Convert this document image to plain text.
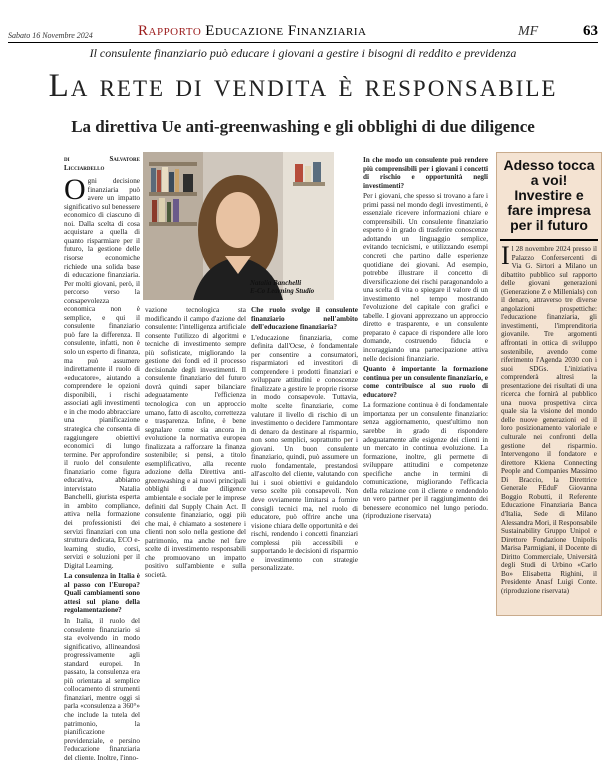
Sabato 16 Novembre 2024	Rapporto Educazione Finanziaria	MF	63
Il consulente finanziario può educare i giovani a gestire i bisogni di reddito e previdenza
La rete di vendita è responsabile
La direttiva Ue anti-greenwashing e gli obblighi di due diligence
di Salvatore Licciardello

Ogni decisione finanziaria può avere un impatto significativo sul benessere economico di ciascuno di noi. Dalla scelta di cosa acquistare a quella di quanto risparmiare per il futuro, la gestione delle risorse economiche richiede una solida base di educazione finanziaria. Per molti giovani, però, il percorso verso la consapevolezza economica non è semplice, e qui il consulente finanziario può fare la differenza. Il consulente, infatti, non è solo un esperto di finanza, ma può assumere indirettamente il ruolo di «educatore», aiutando a comprendere le opzioni disponibili, i rischi associati agli investimenti e in che modo abbracciare una pianificazione strategica che consenta di raggiungere obiettivi economici di lungo termine. Per approfondire il ruolo del consulente finanziario come figura educativa, abbiamo intervistato Natalia Banchelli, giurista esperta in ambito compliance, attiva nella formazione dei professionisti dei servizi finanziari con una struttura dedicata, ECO e-learning studio, corsi, servizi e soluzioni per il Digital Learning.

La consulenza in Italia è al passo con l'Europa? Quali cambiamenti sono attesi sul piano della regolamentazione?

In Italia, il ruolo del consulente finanziario si sta evolvendo in modo significativo, allineandosi progressivamente agli standard europei. In passato, la consulenza era più orientata al semplice collocamento di strumenti finanziari, mentre oggi si parla «consulenza a 360°» che include la tutela del patrimonio, la pianificazione previdenziale, e persino l'educazione finanziaria del cliente. Inoltre, l'inno-

Natalia Banchelli
E-Co Learning Studio

vazione tecnologica sta modificando il campo d'azione del consulente: l'intelligenza artificiale consente l'utilizzo di algoritmi e tecniche di investimento sempre più sofisticate, migliorando la gestione dei fondi ed il processo decisionale degli investimenti. Il consulente finanziario del futuro dovrà quindi saper bilanciare adeguatamente l'efficienza tecnologica con un approccio umano, fatto di ascolto, correttezza e trasparenza. Infine, è bene segnalare come sia ancora in evoluzione la normativa europea finalizzata a rafforzare la finanza sostenibile; si pensi, a titolo esemplificativo, alla recente adozione della Direttiva anti-greenwashing e ai nuovi principali obblighi di due diligence ambientale e sociale per le imprese definiti dal Supply Chain Act. Il consulente finanziario, oggi più che mai, è chiamato a sostenere i clienti non solo nella gestione del patrimonio, ma anche nel fare scelte di investimento responsabili che promuovano un impatto positivo sull'ambiente e sulla società.

Che ruolo svolge il consulente finanziario nell'ambito dell'educazione finanziaria?

L'educazione finanziaria, come definita dall'Ocse, è fondamentale per consentire a consumatori, risparmiatori ed investitori di comprendere i prodotti finanziari e sviluppare attitudini e conoscenze finalizzate a gestire le proprie risorse in modo consapevole. Tuttavia, molte scelte finanziarie, come valutare il livello di rischio di un investimento o decidere l'ammontare di denaro da destinare al risparmio, non sono semplici, soprattutto per i giovani. Un buon consulente finanziario, quindi, può assumere un ruolo fondamentale, prestandosi all'ascolto del cliente, valutando con lui i suoi obiettivi e guidandolo verso scelte più consapevoli. Non deve ovviamente limitarsi a fornire consigli tecnici ma, nel ruolo di educatore, può offrire anche una visione chiara delle opportunità e dei rischi, rendendo i concetti finanziari complessi più accessibili e supportando le decisioni di risparmio e investimento con strategie personalizzate.

In che modo un consulente può rendere più comprensibili per i giovani i concetti di rischio e opportunità negli investimenti?

Per i giovani, che spesso si trovano a fare i primi passi nel mondo degli investimenti, è essenziale ricevere informazioni chiare e comprensibili. Un consulente finanziario esperto è in grado di trasferire conoscenze adottando un linguaggio semplice, evitando tecnicismi, e utilizzando esempi concreti che partino dalle esperienze quotidiane dei giovani. Ad esempio, potrebbe illustrare il concetto di diversificazione dei rischi paragonandolo a una scelta di vita o spiegare il valore di un investimento nel tempo mostrando l'evoluzione del capitale con grafici e tabelle. I giovani apprezzano un approccio diretto e trasparente, e un consulente preparato è capace di rispondere alle loro domande, costruendo fiducia e incoraggiando una partecipazione attiva nelle decisioni finanziarie.

Quanto è importante la formazione continua per un consulente finanziario, e come contribuisce al suo ruolo di educatore?

La formazione continua è di fondamentale importanza per un consulente finanziario: senza aggiornamento, quest'ultimo non sarebbe in grado di rispondere adeguatamente alle esigenze dei clienti in un mercato in continua evoluzione. La formazione, inoltre, gli permette di sviluppare attitudini e competenze specifiche anche in termini di comunicazione, migliorando l'efficacia della relazione con il cliente e rendendolo un vero partner per il raggiungimento dei benessere economico nel lungo periodo. (riproduzione riservata)

Adesso tocca a voi! Investire e fare impresa per il futuro
Il 28 novembre 2024 presso il Palazzo Confersercenti di Via G. Sirtori a Milano un dibattito pubblico sul rapporto delle giovani generazioni (Generazione Z e Millenials) con il denaro, attraverso tre diverse angolazioni prospettiche: l'educazione finanziaria, gli investimenti, l'imprenditoria giovanile. Tre argomenti affrontati in ottica di sviluppo sostenibile, avendo come riferimento l'Agenda 2030 con i suoi SDGs. L'iniziativa comprenderà altresì la presentazione dei risultati di una ricerca che fornirà al pubblico una nuova prospettiva circa quale sia la visione del mondo delle nuove generazioni ed il loro posizionamento valoriale e culturale nei confronti della gestione del risparmio. Intervengono il fondatore e direttore Kkiena Connecting People and Companies Massimo Di Braccio, la Direttrice Generale FEduF Giovanna Boggio Robutti, il Referente Educazione Finanziaria Banca d'Italia, Sede di Milano Alessandra Mori, il Responsabile Sustainability Gruppo Unipol e Direttore Fondazione Unipolis Marisa Parmigiani, il Docente di Diritto Commerciale, Università degli Studi di Urbino «Carlo Bo» Elisabetta Righini, il Presidente Anasf Luigi Conte. (riproduzione riservata)
